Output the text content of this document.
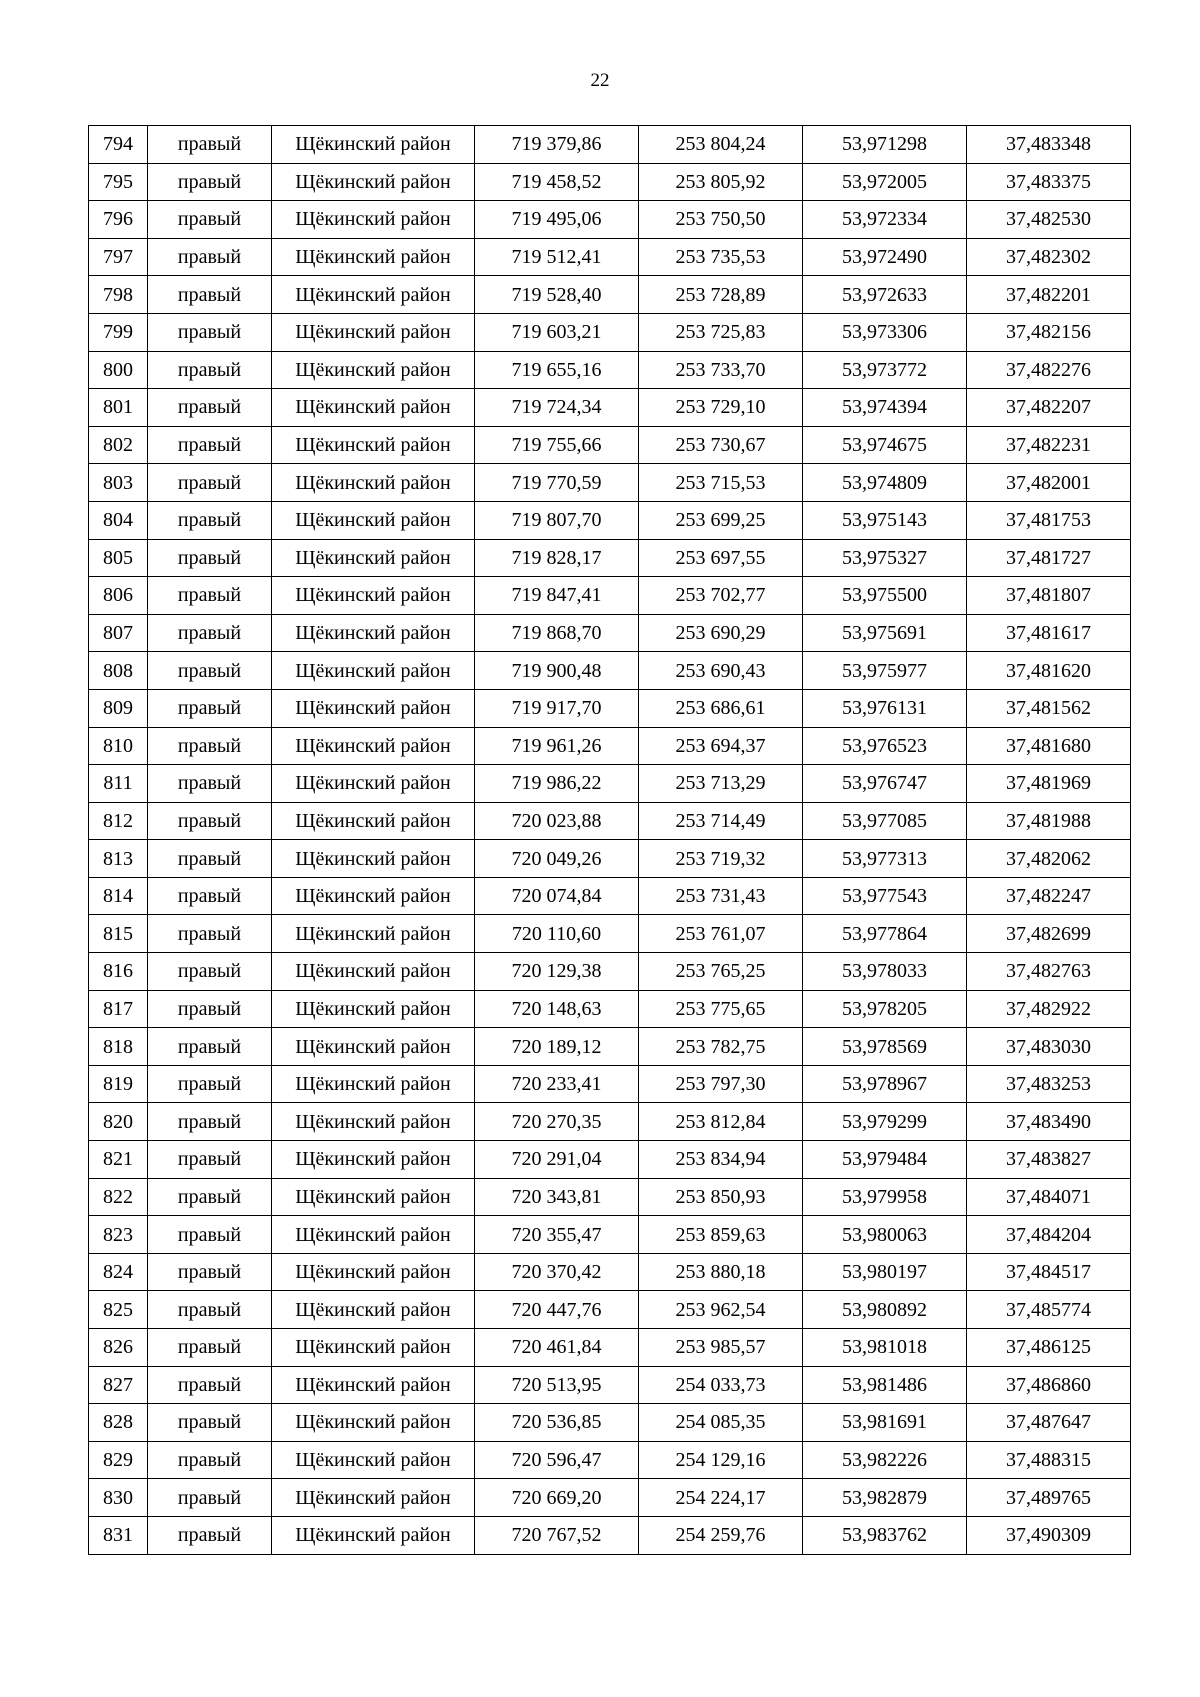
22
794	правый	Щёкинский район	719 379,86	253 804,24	53,971298	37,483348
795	правый	Щёкинский район	719 458,52	253 805,92	53,972005	37,483375
796	правый	Щёкинский район	719 495,06	253 750,50	53,972334	37,482530
797	правый	Щёкинский район	719 512,41	253 735,53	53,972490	37,482302
798	правый	Щёкинский район	719 528,40	253 728,89	53,972633	37,482201
799	правый	Щёкинский район	719 603,21	253 725,83	53,973306	37,482156
800	правый	Щёкинский район	719 655,16	253 733,70	53,973772	37,482276
801	правый	Щёкинский район	719 724,34	253 729,10	53,974394	37,482207
802	правый	Щёкинский район	719 755,66	253 730,67	53,974675	37,482231
803	правый	Щёкинский район	719 770,59	253 715,53	53,974809	37,482001
804	правый	Щёкинский район	719 807,70	253 699,25	53,975143	37,481753
805	правый	Щёкинский район	719 828,17	253 697,55	53,975327	37,481727
806	правый	Щёкинский район	719 847,41	253 702,77	53,975500	37,481807
807	правый	Щёкинский район	719 868,70	253 690,29	53,975691	37,481617
808	правый	Щёкинский район	719 900,48	253 690,43	53,975977	37,481620
809	правый	Щёкинский район	719 917,70	253 686,61	53,976131	37,481562
810	правый	Щёкинский район	719 961,26	253 694,37	53,976523	37,481680
811	правый	Щёкинский район	719 986,22	253 713,29	53,976747	37,481969
812	правый	Щёкинский район	720 023,88	253 714,49	53,977085	37,481988
813	правый	Щёкинский район	720 049,26	253 719,32	53,977313	37,482062
814	правый	Щёкинский район	720 074,84	253 731,43	53,977543	37,482247
815	правый	Щёкинский район	720 110,60	253 761,07	53,977864	37,482699
816	правый	Щёкинский район	720 129,38	253 765,25	53,978033	37,482763
817	правый	Щёкинский район	720 148,63	253 775,65	53,978205	37,482922
818	правый	Щёкинский район	720 189,12	253 782,75	53,978569	37,483030
819	правый	Щёкинский район	720 233,41	253 797,30	53,978967	37,483253
820	правый	Щёкинский район	720 270,35	253 812,84	53,979299	37,483490
821	правый	Щёкинский район	720 291,04	253 834,94	53,979484	37,483827
822	правый	Щёкинский район	720 343,81	253 850,93	53,979958	37,484071
823	правый	Щёкинский район	720 355,47	253 859,63	53,980063	37,484204
824	правый	Щёкинский район	720 370,42	253 880,18	53,980197	37,484517
825	правый	Щёкинский район	720 447,76	253 962,54	53,980892	37,485774
826	правый	Щёкинский район	720 461,84	253 985,57	53,981018	37,486125
827	правый	Щёкинский район	720 513,95	254 033,73	53,981486	37,486860
828	правый	Щёкинский район	720 536,85	254 085,35	53,981691	37,487647
829	правый	Щёкинский район	720 596,47	254 129,16	53,982226	37,488315
830	правый	Щёкинский район	720 669,20	254 224,17	53,982879	37,489765
831	правый	Щёкинский район	720 767,52	254 259,76	53,983762	37,490309
